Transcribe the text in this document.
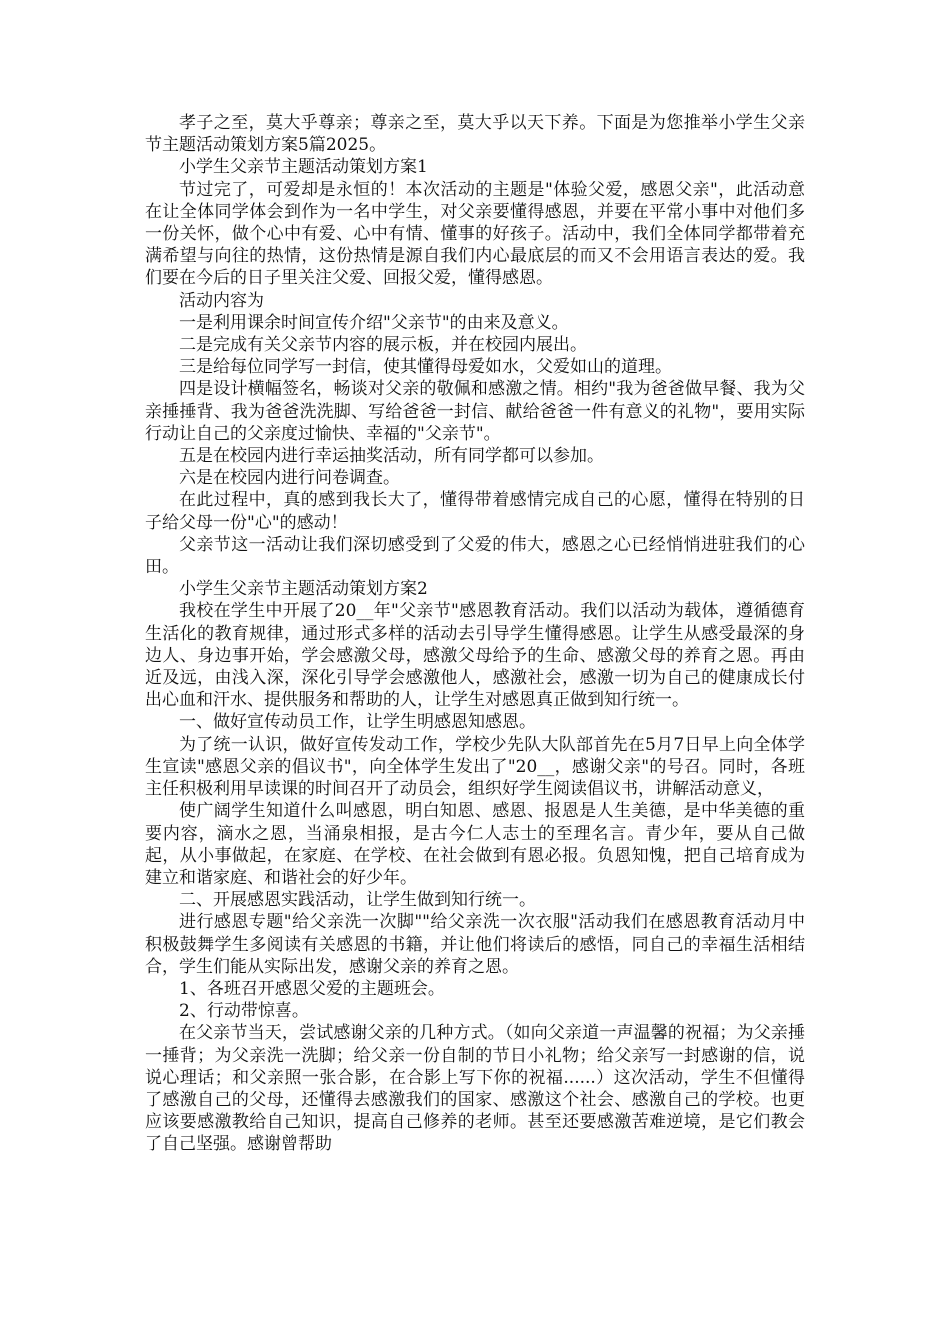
孝子之至，莫大乎尊亲；尊亲之至，莫大乎以天下养。下面是为您推举小学生父亲节主题活动策划方案5篇2025。

小学生父亲节主题活动策划方案1

节过完了，可爱却是永恒的！本次活动的主题是"体验父爱，感恩父亲"，此活动意在让全体同学体会到作为一名中学生，对父亲要懂得感恩，并要在平常小事中对他们多一份关怀，做个心中有爱、心中有情、懂事的好孩子。活动中，我们全体同学都带着充满希望与向往的热情，这份热情是源自我们内心最底层的而又不会用语言表达的爱。我们要在今后的日子里关注父爱、回报父爱，懂得感恩。

活动内容为

一是利用课余时间宣传介绍"父亲节"的由来及意义。

二是完成有关父亲节内容的展示板，并在校园内展出。

三是给每位同学写一封信，使其懂得母爱如水，父爱如山的道理。

四是设计横幅签名，畅谈对父亲的敬佩和感激之情。相约"我为爸爸做早餐、我为父亲捶捶背、我为爸爸洗洗脚、写给爸爸一封信、献给爸爸一件有意义的礼物"，要用实际行动让自己的父亲度过愉快、幸福的"父亲节"。

五是在校园内进行幸运抽奖活动，所有同学都可以参加。

六是在校园内进行问卷调查。

在此过程中，真的感到我长大了，懂得带着感情完成自己的心愿，懂得在特别的日子给父母一份"心"的感动！

父亲节这一活动让我们深切感受到了父爱的伟大，感恩之心已经悄悄进驻我们的心田。

小学生父亲节主题活动策划方案2

我校在学生中开展了20__年"父亲节"感恩教育活动。我们以活动为载体，遵循德育生活化的教育规律，通过形式多样的活动去引导学生懂得感恩。让学生从感受最深的身边人、身边事开始，学会感激父母，感激父母给予的生命、感激父母的养育之恩。再由近及远，由浅入深，深化引导学会感激他人，感激社会，感激一切为自己的健康成长付出心血和汗水、提供服务和帮助的人，让学生对感恩真正做到知行统一。

一、做好宣传动员工作，让学生明感恩知感恩。

为了统一认识，做好宣传发动工作，学校少先队大队部首先在5月7日早上向全体学生宣读"感恩父亲的倡议书"，向全体学生发出了"20__，感谢父亲"的号召。同时，各班主任积极利用早读课的时间召开了动员会，组织好学生阅读倡议书，讲解活动意义，

使广阔学生知道什么叫感恩，明白知恩、感恩、报恩是人生美德，是中华美德的重要内容，滴水之恩，当涌泉相报，是古今仁人志士的至理名言。青少年，要从自己做起，从小事做起，在家庭、在学校、在社会做到有恩必报。负恩知愧，把自己培育成为建立和谐家庭、和谐社会的好少年。

二、开展感恩实践活动，让学生做到知行统一。

进行感恩专题"给父亲洗一次脚""给父亲洗一次衣服"活动我们在感恩教育活动月中积极鼓舞学生多阅读有关感恩的书籍，并让他们将读后的感悟，同自己的幸福生活相结合，学生们能从实际出发，感谢父亲的养育之恩。

1、各班召开感恩父爱的主题班会。

2、行动带惊喜。

在父亲节当天，尝试感谢父亲的几种方式。（如向父亲道一声温馨的祝福；为父亲捶一捶背；为父亲洗一洗脚；给父亲一份自制的节日小礼物；给父亲写一封感谢的信，说说心理话；和父亲照一张合影，在合影上写下你的祝福......）这次活动，学生不但懂得了感激自己的父母，还懂得去感激我们的国家、感激这个社会、感激自己的学校。也更应该要感激教给自己知识，提高自己修养的老师。甚至还要感激苦难逆境，是它们教会了自己坚强。感谢曾帮助
